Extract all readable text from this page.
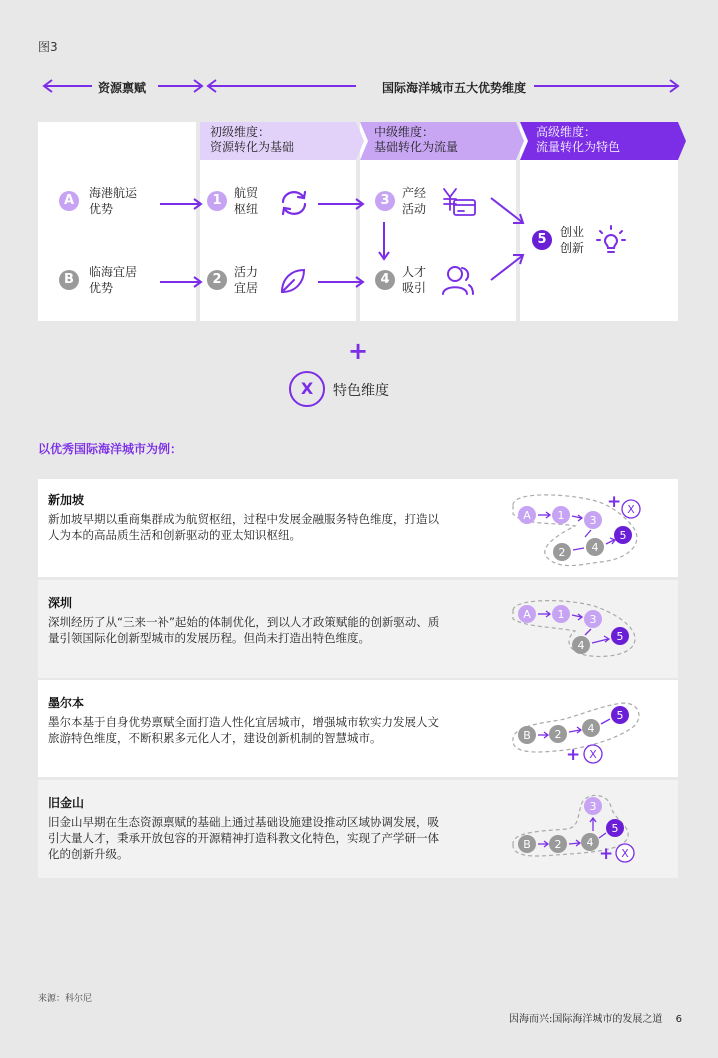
图3
资源禀赋	国际海洋城市五大优势维度
初级维度：
资源转化为基础
中级维度：
基础转化为流量
高级维度：
流量转化为特色
A	海港航运
优势
B	临海宜居
优势
1	航贸
枢纽
2	活力
宜居
3	产经
活动
4	人才
吸引
5	创业
创新
+
X	特色维度
以优秀国际海洋城市为例：
新加坡
新加坡早期以重商集群成为航贸枢纽，过程中发展金融服务特色维度，打造以人为本的高品质生活和创新驱动的亚太知识枢纽。
深圳
深圳经历了从“三来一补”起始的体制优化，到以人才政策赋能的创新驱动、质量引领国际化创新型城市的发展历程。但尚未打造出特色维度。
墨尔本
墨尔本基于自身优势禀赋全面打造人性化宜居城市，增强城市软实力发展人文旅游特色维度，不断积累多元化人才，建设创新机制的智慧城市。
旧金山
旧金山早期在生态资源禀赋的基础上通过基础设施建设推动区域协调发展，吸引大量人才，秉承开放包容的开源精神打造科教文化特色，实现了产学研一体化的创新升级。
+
A 1 3
5
4
2
X
A 1 3
4
5
+
B 2 4
5
X
+
B 2 4
3
5
X
来源：科尔尼
因海而兴:国际海洋城市的发展之道 6
